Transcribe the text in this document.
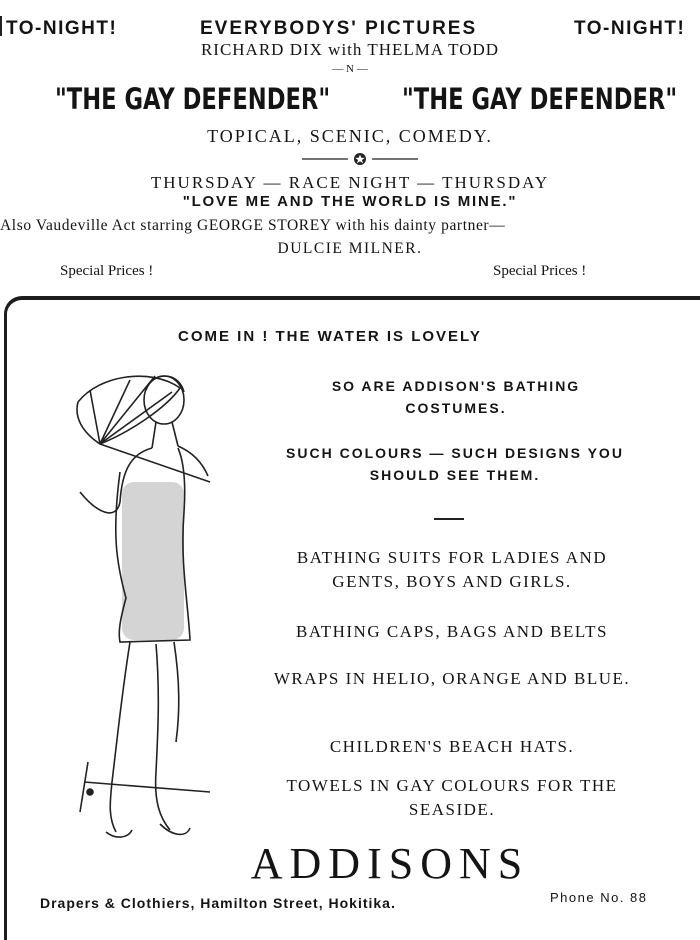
TO-NIGHT!	EVERYBODYS' PICTURES	TO-NIGHT!
RICHARD DIX with THELMA TODD
— N —
"THE GAY DEFENDER" "THE GAY DEFENDER"
TOPICAL, SCENIC, COMEDY.
THURSDAY — RACE NIGHT — THURSDAY
"LOVE ME AND THE WORLD IS MINE."
Also Vaudeville Act starring GEORGE STOREY with his dainty partner—
DULCIE MILNER.
Special Prices !	Special Prices !
COME IN ! THE WATER IS LOVELY
SO ARE ADDISON'S BATHING COSTUMES.
SUCH COLOURS — SUCH DESIGNS YOU SHOULD SEE THEM.
BATHING SUITS FOR LADIES AND GENTS, BOYS AND GIRLS.
BATHING CAPS, BAGS AND BELTS
WRAPS IN HELIO, ORANGE AND BLUE.
CHILDREN'S BEACH HATS.
TOWELS IN GAY COLOURS FOR THE SEASIDE.
ADDISONS
Drapers & Clothiers, Hamilton Street, Hokitika.	Phone No. 88
